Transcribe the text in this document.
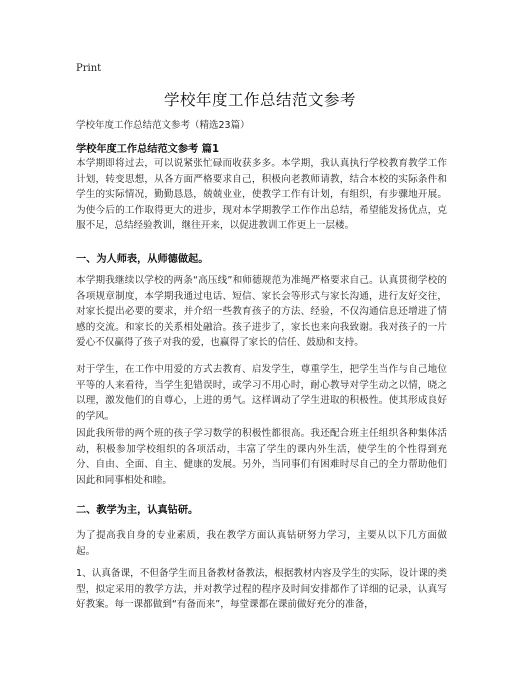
Print
学校年度工作总结范文参考
学校年度工作总结范文参考（精选23篇）
学校年度工作总结范文参考 篇1
本学期即将过去，可以说紧张忙碌而收获多多。本学期，我认真执行学校教育教学工作计划，转变思想，从各方面严格要求自己，积极向老教师请教，结合本校的实际条件和学生的实际情况，勤勤恳恳，兢兢业业，使教学工作有计划，有组织，有步骤地开展。为使今后的工作取得更大的进步，现对本学期教学工作作出总结，希望能发扬优点，克服不足，总结经验教训，继往开来，以促进教训工作更上一层楼。
一、为人师表，从师德做起。
本学期我继续以学校的两条“高压线”和师德规范为准绳严格要求自己。认真贯彻学校的各项规章制度，本学期我通过电话、短信、家长会等形式与家长沟通，进行友好交往，对家长提出必要的要求，并介绍一些教育孩子的方法、经验，不仅沟通信息还增进了情感的交流。和家长的关系相处融洽。孩子进步了，家长也来向我致谢。我对孩子的一片爱心不仅赢得了孩子对我的爱，也赢得了家长的信任、鼓励和支持。
对于学生，在工作中用爱的方式去教育、启发学生，尊重学生，把学生当作与自己地位平等的人来看待，当学生犯错误时，或学习不用心时，耐心教导对学生动之以情，晓之以理，激发他们的自尊心，上进的勇气。这样调动了学生进取的积极性。使其形成良好的学风。
因此我所带的两个班的孩子学习数学的积极性都很高。我还配合班主任组织各种集体活动，积极参加学校组织的各项活动，丰富了学生的课内外生活，使学生的个性得到充分、自由、全面、自主、健康的发展。另外，当同事们有困难时尽自己的全力帮助他们因此和同事相处和睦。
二、教学为主，认真钻研。
为了提高我自身的专业素质，我在教学方面认真钻研努力学习，主要从以下几方面做起。
1、认真备课，不但备学生而且备教材备教法，根据教材内容及学生的实际，设计课的类型，拟定采用的教学方法，并对教学过程的程序及时间安排都作了详细的记录，认真写好教案。每一课都做到“有备而来”，每堂课都在课前做好充分的准备，
